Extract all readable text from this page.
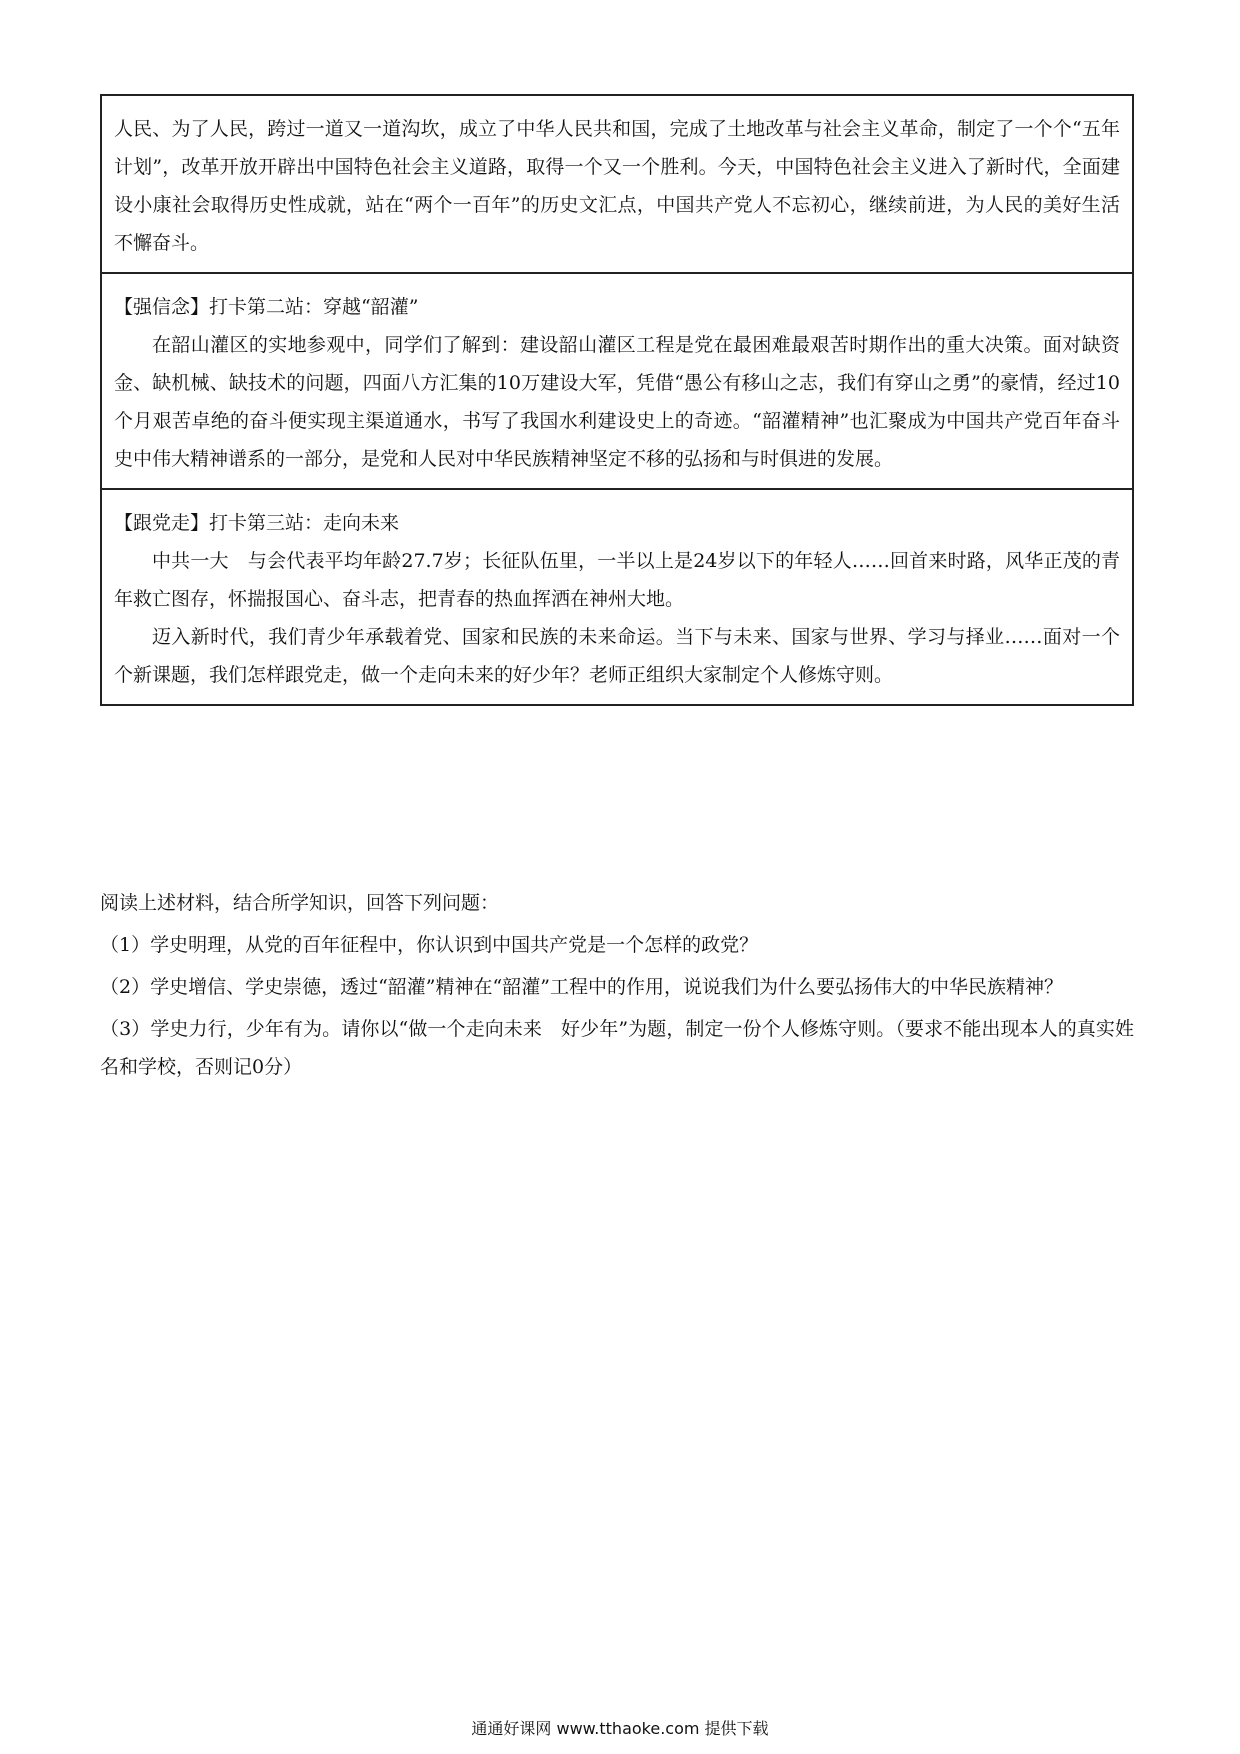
人民、为了人民，跨过一道又一道沟坎，成立了中华人民共和国，完成了土地改革与社会主义革命，制定了一个个“五年计划”，改革开放开辟出中国特色社会主义道路，取得一个又一个胜利。今天，中国特色社会主义进入了新时代，全面建设小康社会取得历史性成就，站在“两个一百年”的历史文汇点，中国共产党人不忘初心，继续前进，为人民的美好生活不懈奋斗。

【强信念】打卡第二站：穿越“韶灌”

在韶山灌区的实地参观中，同学们了解到：建设韶山灌区工程是党在最困难最艰苦时期作出的重大决策。面对缺资金、缺机械、缺技术的问题，四面八方汇集的10万建设大军，凭借“愚公有移山之志，我们有穿山之勇”的豪情，经过10个月艰苦卓绝的奋斗便实现主渠道通水，书写了我国水利建设史上的奇迹。“韶灌精神”也汇聚成为中国共产党百年奋斗史中伟大精神谱系的一部分，是党和人民对中华民族精神坚定不移的弘扬和与时俱进的发展。

【跟党走】打卡第三站：走向未来

中共一大　与会代表平均年龄27.7岁；长征队伍里，一半以上是24岁以下的年轻人……回首来时路，风华正茂的青年救亡图存，怀揣报国心、奋斗志，把青春的热血挥洒在神州大地。

迈入新时代，我们青少年承载着党、国家和民族的未来命运。当下与未来、国家与世界、学习与择业……面对一个个新课题，我们怎样跟党走，做一个走向未来的好少年？老师正组织大家制定个人修炼守则。

阅读上述材料，结合所学知识，回答下列问题：

（1）学史明理，从党的百年征程中，你认识到中国共产党是一个怎样的政党？

（2）学史增信、学史崇德，透过“韶灌”精神在“韶灌”工程中的作用，说说我们为什么要弘扬伟大的中华民族精神？

（3）学史力行，少年有为。请你以“做一个走向未来　好少年”为题，制定一份个人修炼守则。（要求不能出现本人的真实姓名和学校，否则记0分）

通通好课网 www.tthaoke.com 提供下载
